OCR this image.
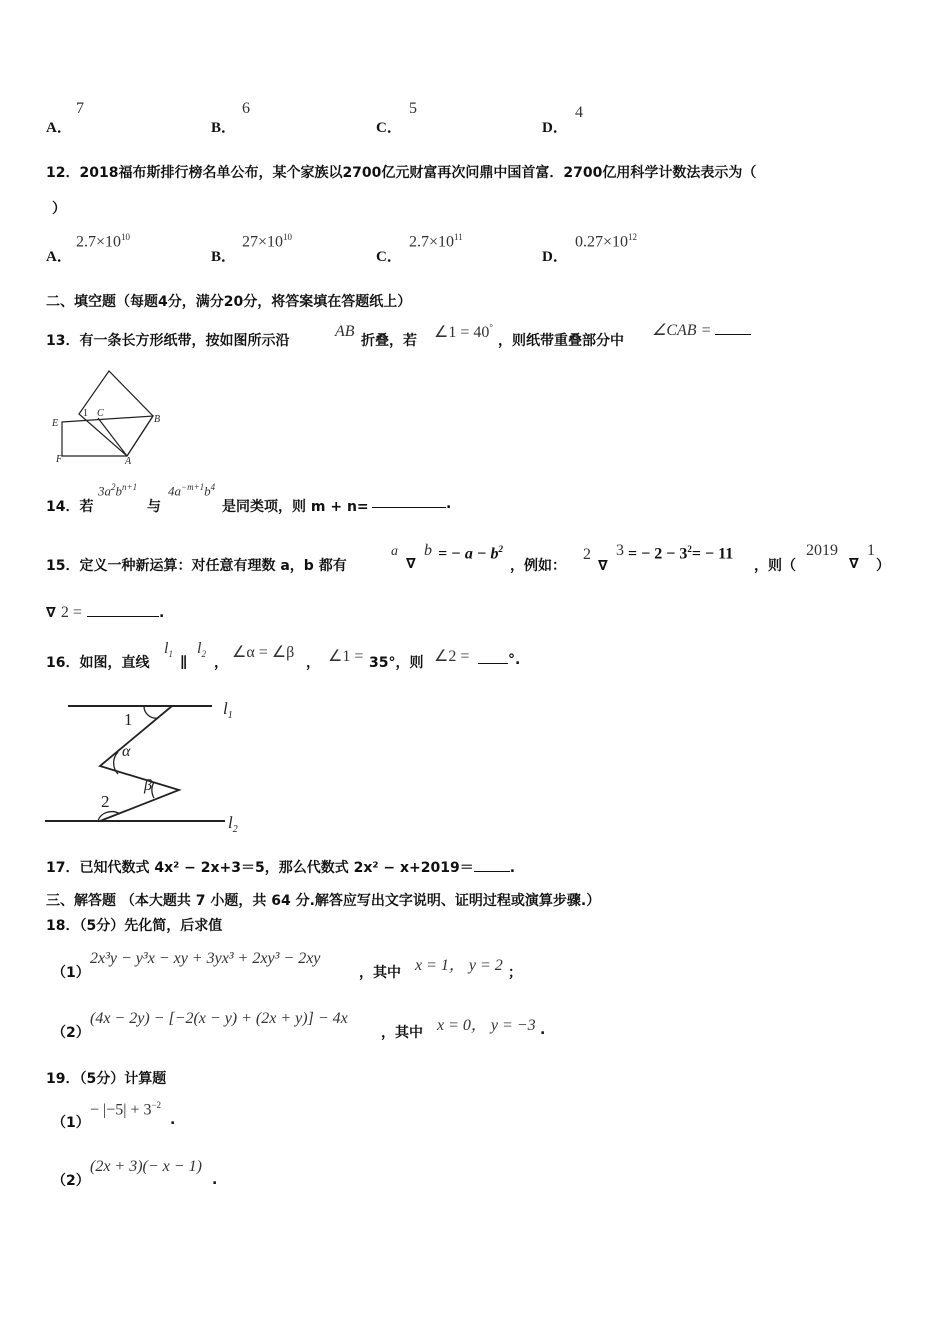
A．
7
B．
6
C．
5
D．
4
12．2018福布斯排行榜名单公布，某个家族以2700亿元财富再次问鼎中国首富．2700亿用科学计数法表示为（
）
A．
$2.7\times 10^{10}$
B．
$27\times 10^{10}$
C．
$2.7\times 10^{11}$
D．
$0.27\times 10^{12}$
二、填空题（每题4分，满分20分，将答案填在答题纸上）
13．有一条长方形纸带，按如图所示沿
AB
折叠，若 ∠1 = 40°
，则纸带重叠部分中
∠CAB =
E
C
1
B
F	A
14．若
$3a^2b^{n+1}$
与
$4a^{-m+1}b^4$
是同类项，则 m + n=	.
15．定义一种新运算：对任意有理数 a，b 都有
a
∇
b = − $a - b^2$
，例如：
2
∇
3 = − $2 - 3^2= - 11$
，则（
2019
∇
1
）
∇ 2 =	.
16．如图，直线
$l_1$ ∥
$l_2$
，
∠α = ∠β
， ∠1 = 35°，则 ∠2 =	°.
$l_1$
$l_2$
1
α
β
2
17．已知代数式 4x² − 2x+3＝5，那么代数式 2x² − x+2019＝	.
三、解答题 （本大题共 7 小题，共 64 分.解答应写出文字说明、证明过程或演算步骤.）
18．（5分）先化简，后求值
（1）
2x³y − y³x − xy + 3yx³ + 2xy³ − 2xy
，其中 x = 1， y = 2 ；
（2）
(4x − 2y) − [−2(x − y) + (2x + y)] − 4x
，其中 x = 0， y = −3 .
19．（5分）计算题
（1）
− $|-5| + 3^{-2}$
.
（2）
(2x + 3)(− x − 1)
.
